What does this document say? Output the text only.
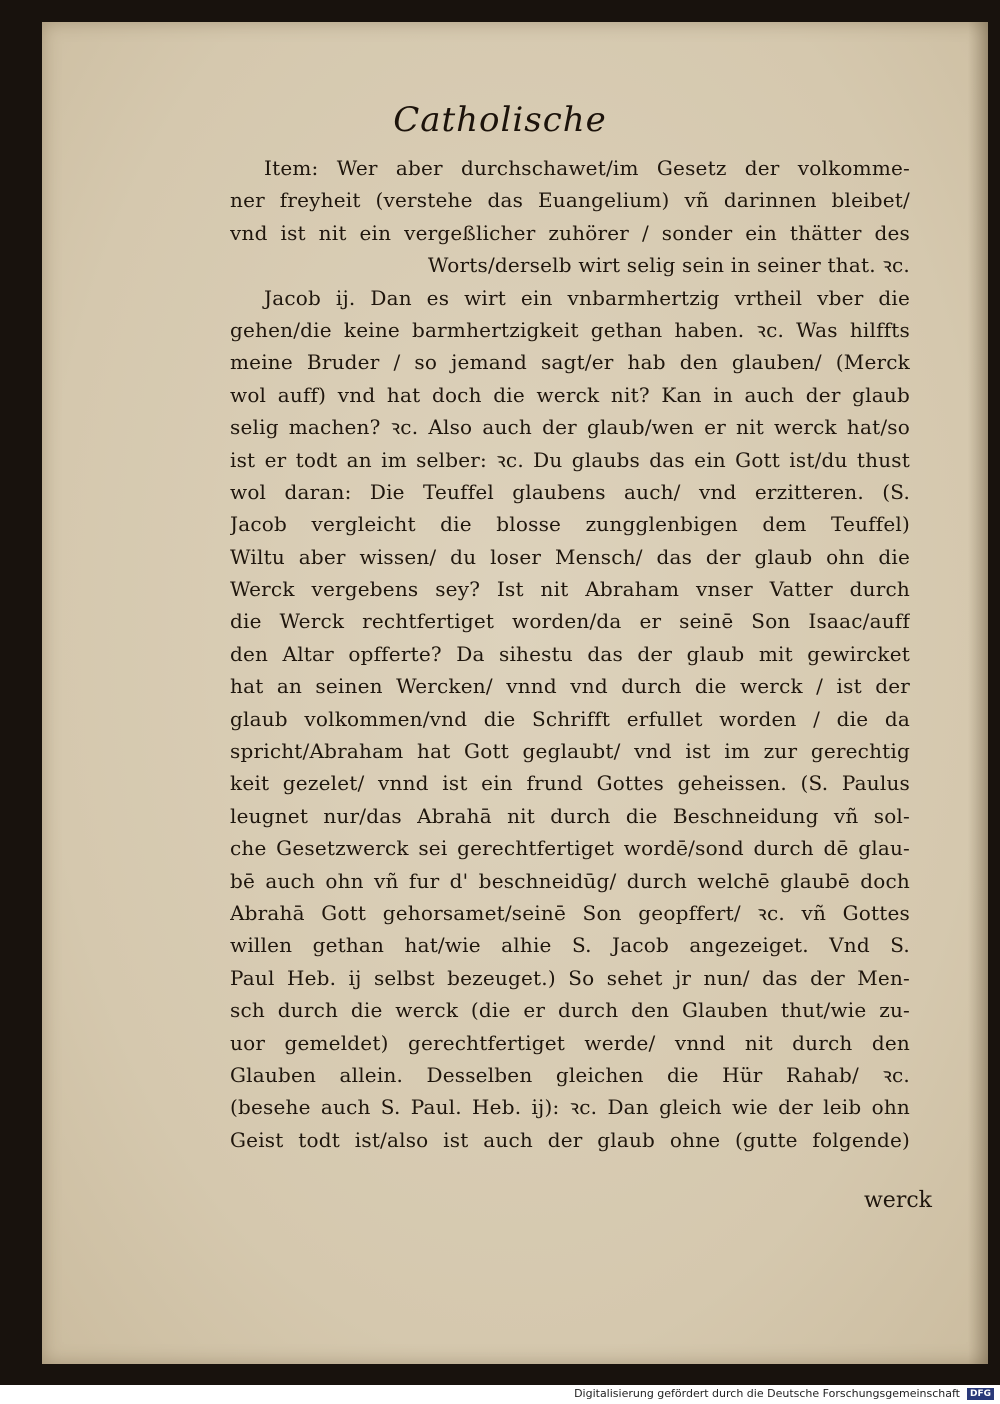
Catholische
Item: Wer aber durchschawet/im Gesetz der volkomme-
ner freyheit (verstehe das Euangelium) vñ darinnen bleibet/
vnd ist nit ein vergeßlicher zuhörer / sonder ein thätter des
Worts/derselb wirt selig sein in seiner that. ꝛc.
Jacob ij. Dan es wirt ein vnbarmhertzig vrtheil vber die
gehen/die keine barmhertzigkeit gethan haben. ꝛc. Was hilffts
meine Bruder / so jemand sagt/er hab den glauben/ (Merck
wol auff) vnd hat doch die werck nit? Kan in auch der glaub
selig machen? ꝛc. Also auch der glaub/wen er nit werck hat/so
ist er todt an im selber: ꝛc. Du glaubs das ein Gott ist/du thust
wol daran: Die Teuffel glaubens auch/ vnd erzitteren. (S.
Jacob vergleicht die blosse zungglenbigen dem Teuffel)
Wiltu aber wissen/ du loser Mensch/ das der glaub ohn die
Werck vergebens sey? Ist nit Abraham vnser Vatter durch
die Werck rechtfertiget worden/da er seinē Son Isaac/auff
den Altar opfferte? Da sihestu das der glaub mit gewircket
hat an seinen Wercken/ vnnd vnd durch die werck / ist der
glaub volkommen/vnd die Schrifft erfullet worden / die da
spricht/Abraham hat Gott geglaubt/ vnd ist im zur gerechtig
keit gezelet/ vnnd ist ein frund Gottes geheissen. (S. Paulus
leugnet nur/das Abrahā nit durch die Beschneidung vñ sol-
che Gesetzwerck sei gerechtfertiget wordē/sond durch dē glau-
bē auch ohn vñ fur d' beschneidūg/ durch welchē glaubē doch
Abrahā Gott gehorsamet/seinē Son geopffert/ ꝛc. vñ Gottes
willen gethan hat/wie alhie S. Jacob angezeiget. Vnd S.
Paul Heb. ij selbst bezeuget.) So sehet jr nun/ das der Men-
sch durch die werck (die er durch den Glauben thut/wie zu-
uor gemeldet) gerechtfertiget werde/ vnnd nit durch den
Glauben allein. Desselben gleichen die Hür Rahab/ ꝛc.
(besehe auch S. Paul. Heb. ij): ꝛc. Dan gleich wie der leib ohn
Geist todt ist/also ist auch der glaub ohne (gutte folgende)
werck
Digitalisierung gefördert durch die Deutsche Forschungsgemeinschaft	DFG
